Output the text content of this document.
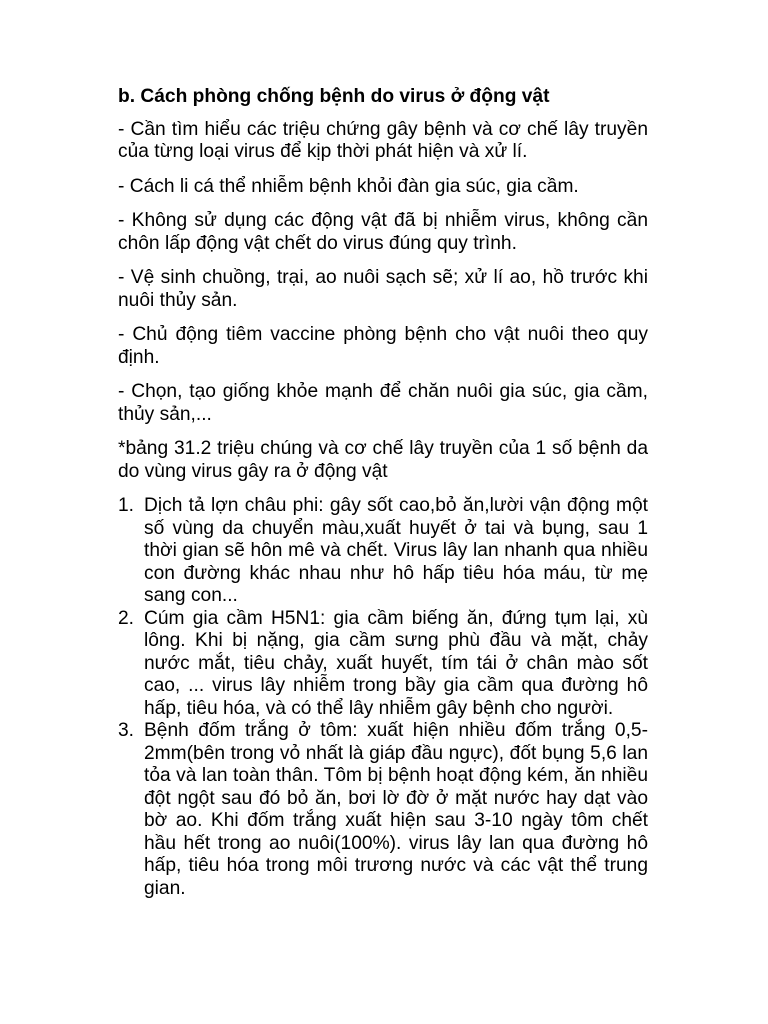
b. Cách phòng chống bệnh do virus ở động vật
- Cần tìm hiểu các triệu chứng gây bệnh và cơ chế lây truyền của từng loại virus để kịp thời phát hiện và xử lí.
- Cách li cá thể nhiễm bệnh khỏi đàn gia súc, gia cầm.
- Không sử dụng các động vật đã bị nhiễm virus, không cần chôn lấp động vật chết do virus đúng quy trình.
- Vệ sinh chuồng, trại, ao nuôi sạch sẽ; xử lí ao, hồ trước khi nuôi thủy sản.
- Chủ động tiêm vaccine phòng bệnh cho vật nuôi theo quy định.
- Chọn, tạo giống khỏe mạnh để chăn nuôi gia súc, gia cầm, thủy sản,...
*bảng 31.2 triệu chúng và cơ chế lây truyền của 1 số bệnh da do vùng virus gây ra ở động vật
1. Dịch tả lợn châu phi: gây sốt cao,bỏ ăn,lười vận động một số vùng da chuyển màu,xuất huyết ở tai và bụng, sau 1 thời gian sẽ hôn mê và chết. Virus lây lan nhanh qua nhiều con đường khác nhau như hô hấp tiêu hóa máu, từ mẹ sang con...
2. Cúm gia cầm H5N1: gia cầm biếng ăn, đứng tụm lại, xù lông. Khi bị nặng, gia cầm sưng phù đầu và mặt, chảy nước mắt, tiêu chảy, xuất huyết, tím tái ở chân mào sốt cao, ... virus lây nhiễm trong bầy gia cầm qua đường hô hấp, tiêu hóa, và có thể lây nhiễm gây bệnh cho người.
3. Bệnh đốm trắng ở tôm: xuất hiện nhiều đốm trắng 0,5-2mm(bên trong vỏ nhất là giáp đầu ngực), đốt bụng 5,6 lan tỏa và lan toàn thân. Tôm bị bệnh hoạt động kém, ăn nhiều đột ngột sau đó bỏ ăn, bơi lờ đờ ở mặt nước hay dạt vào bờ ao. Khi đốm trắng xuất hiện sau 3-10 ngày tôm chết hầu hết trong ao nuôi(100%). virus lây lan qua đường hô hấp, tiêu hóa trong môi trương nước và các vật thể trung gian.
